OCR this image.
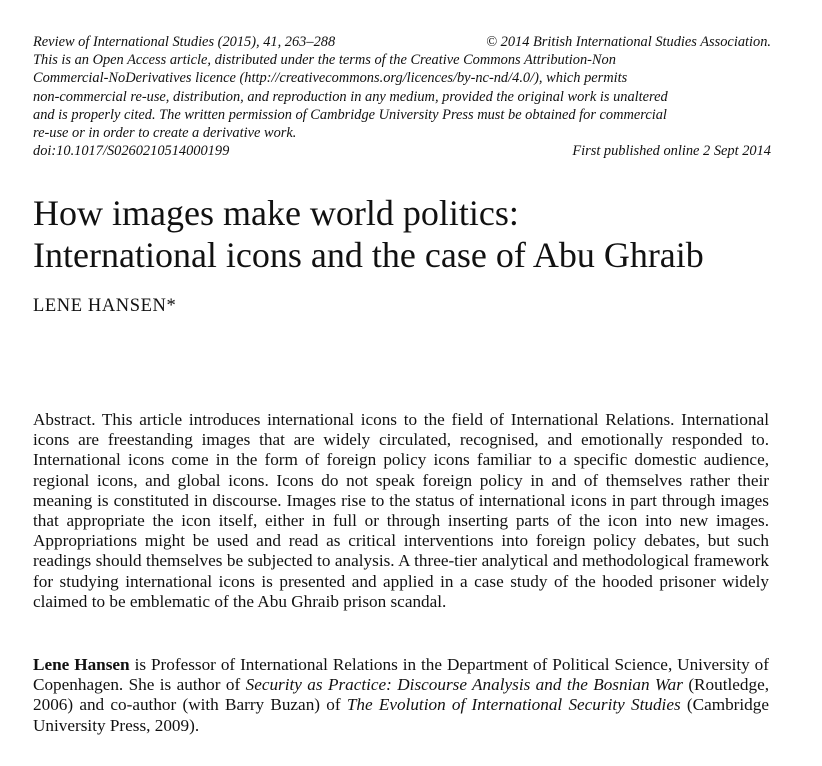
Review of International Studies (2015), 41, 263–288	© 2014 British International Studies Association.
This is an Open Access article, distributed under the terms of the Creative Commons Attribution-Non
Commercial-NoDerivatives licence (http://creativecommons.org/licences/by-nc-nd/4.0/), which permits
non-commercial re-use, distribution, and reproduction in any medium, provided the original work is unaltered
and is properly cited. The written permission of Cambridge University Press must be obtained for commercial
re-use or in order to create a derivative work.
doi:10.1017/S0260210514000199	First published online 2 Sept 2014
How images make world politics:
International icons and the case of Abu Ghraib
LENE HANSEN*

Abstract. This article introduces international icons to the field of International Relations. International icons are freestanding images that are widely circulated, recognised, and emotionally responded to. International icons come in the form of foreign policy icons familiar to a specific domestic audience, regional icons, and global icons. Icons do not speak foreign policy in and of themselves rather their meaning is constituted in discourse. Images rise to the status of international icons in part through images that appropriate the icon itself, either in full or through inserting parts of the icon into new images. Appropriations might be used and read as critical interventions into foreign policy debates, but such readings should themselves be subjected to analysis. A three-tier analytical and methodological framework for studying international icons is presented and applied in a case study of the hooded prisoner widely claimed to be emblematic of the Abu Ghraib prison scandal.

Lene Hansen is Professor of International Relations in the Department of Political Science, University of Copenhagen. She is author of Security as Practice: Discourse Analysis and the Bosnian War (Routledge, 2006) and co-author (with Barry Buzan) of The Evolution of International Security Studies (Cambridge University Press, 2009).
